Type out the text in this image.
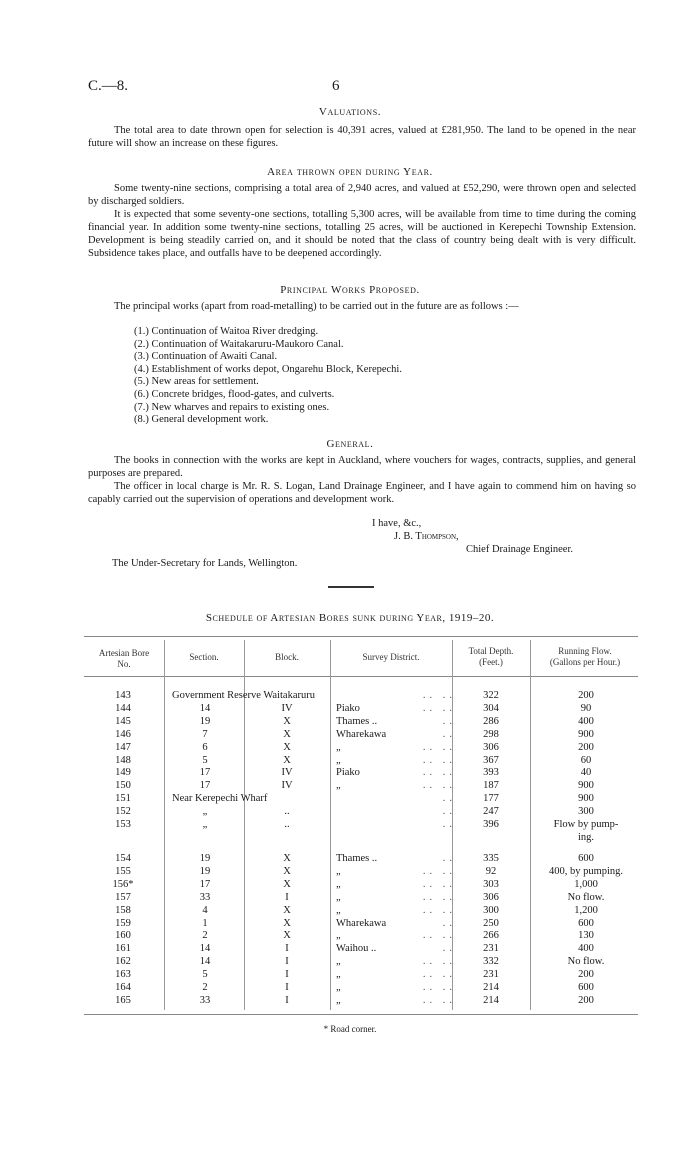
C.—8.	6
Valuations.
The total area to date thrown open for selection is 40,391 acres, valued at £281,950. The land to be opened in the near future will show an increase on these figures.
Area thrown open during Year.
Some twenty-nine sections, comprising a total area of 2,940 acres, and valued at £52,290, were thrown open and selected by discharged soldiers.
It is expected that some seventy-one sections, totalling 5,300 acres, will be available from time to time during the coming financial year. In addition some twenty-nine sections, totalling 25 acres, will be auctioned in Kerepechi Township Extension. Development is being steadily carried on, and it should be noted that the class of country being dealt with is very difficult. Subsidence takes place, and outfalls have to be deepened accordingly.
Principal Works Proposed.
The principal works (apart from road-metalling) to be carried out in the future are as follows :—
(1.) Continuation of Waitoa River dredging.
(2.) Continuation of Waitakaruru-Maukoro Canal.
(3.) Continuation of Awaiti Canal.
(4.) Establishment of works depot, Ongarehu Block, Kerepechi.
(5.) New areas for settlement.
(6.) Concrete bridges, flood-gates, and culverts.
(7.) New wharves and repairs to existing ones.
(8.) General development work.
General.
The books in connection with the works are kept in Auckland, where vouchers for wages, contracts, supplies, and general purposes are prepared.
The officer in local charge is Mr. R. S. Logan, Land Drainage Engineer, and I have again to commend him on having so capably carried out the supervision of operations and development work.
I have, &c.,
J. B. Thompson,
Chief Drainage Engineer.
The Under-Secretary for Lands, Wellington.
Schedule of Artesian Bores sunk during Year, 1919–20.
Artesian Bore
No.
Section.	Block.	Survey District.
Total Depth.
(Feet.)
Running Flow.
(Gallons per Hour.)
143	Government Reserve Waitakaruru	.. ..	322	200
144	14	IV	Piako	.. ..	304	90
145	19	X	Thames ..	..	286	400
146	7	X	Wharekawa	..	298	900
147	6	X	„	.. ..	306	200
148	5	X	„	.. ..	367	60
149	17	IV	Piako	.. ..	393	40
150	17	IV	„	.. ..	187	900
151	Near Kerepechi Wharf	..	177	900
152	„	..	..	247	300
153	„	..	..	396	Flow by pump-
ing.
154	19	X	Thames ..	..	335	600
155	19	X	„	.. ..	92	400, by pumping.
156*	17	X	„	.. ..	303	1,000
157	33	I	„	.. ..	306	No flow.
158	4	X	„	.. ..	300	1,200
159	1	X	Wharekawa	..	250	600
160	2	X	„	.. ..	266	130
161	14	I	Waihou ..	..	231	400
162	14	I	„	.. ..	332	No flow.
163	5	I	„	.. ..	231	200
164	2	I	„	.. ..	214	600
165	33	I	„	.. ..	214	200
* Road corner.
